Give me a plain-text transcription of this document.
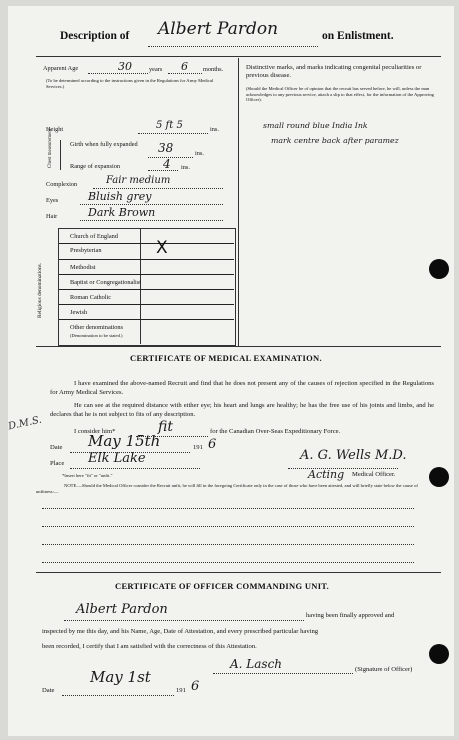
Description of Albert Pardon	on Enlistment.
Apparent Age	30	years 6 months.
(To be determined according to the instructions given in the Regulations for Army Medical Services.)
Distinctive marks, and marks indicating congenital peculiarities or previous disease.
(Should the Medical Officer be of opinion that the recruit has served before, he will, unless the man acknowledges to any previous service, attach a slip to that effect, for the information of the Approving Officer).
small round blue India Ink
mark centre back after paramez
Height	5 ft 5	ins.
Chest measurement	Girth when fully expanded 38	ins.
Range of expansion	4 ins.
Complexion	Fair medium
Eyes	Bluish grey
Hair	Dark Brown
Religious denominations.
Church of England
Presbyterian	X
Methodist
Baptist or Congregationalist
Roman Catholic
Jewish
Other denominations
(Denomination to be stated.)
CERTIFICATE OF MEDICAL EXAMINATION.
I have examined the above-named Recruit and find that he does not present any of the causes of rejection specified in the Regulations for Army Medical Services.
He can see at the required distance with either eye; his heart and lungs are healthy; he has the free use of his joints and limbs, and he declares that he is not subject to fits of any description.
I consider him*	fit	for the Canadian Over-Seas Expeditionary Force.
Date May 15th	191 6
Place Elk Lake	A. G. Wells M.D.
Acting Medical Officer.
*Insert here "fit" or "unfit."
NOTE.—Should the Medical Officer consider the Recruit unfit, he will fill in the foregoing Certificate only in the case of those who have been attested, and will briefly state below the cause of unfitness:—
D.M.S.
CERTIFICATE OF OFFICER COMMANDING UNIT.
Albert Pardon	having been finally approved and
inspected by me this day, and his Name, Age, Date of Attestation, and every prescribed particular having
been recorded, I certify that I am satisfied with the correctness of this Attestation.
A. Lasch	(Signature of Officer)
Date
May 1st
191 6
